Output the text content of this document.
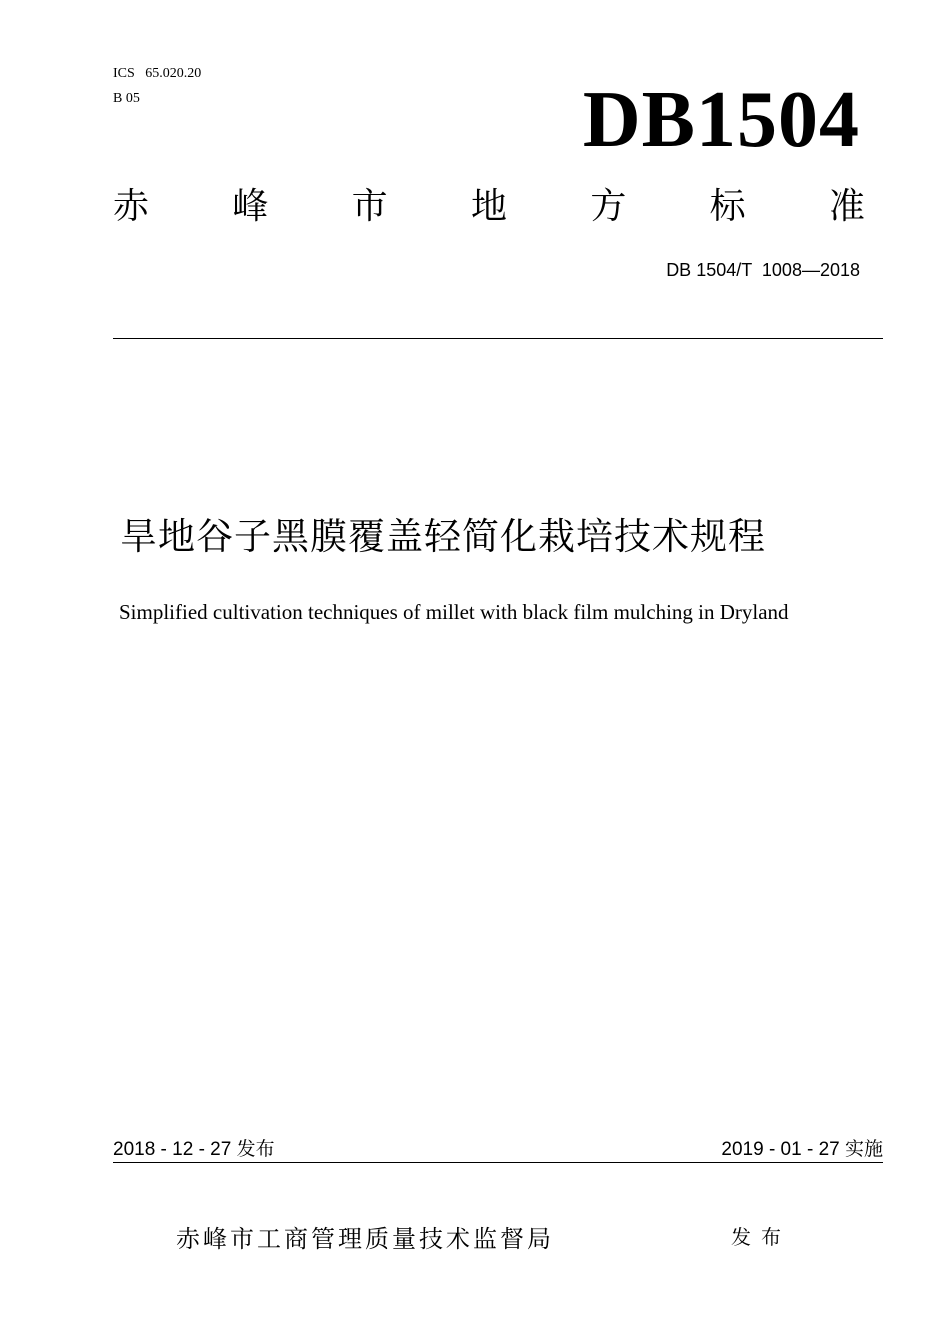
ICS   65.020.20
B 05	DB1504
赤 峰 市 地 方 标 准
DB 1504/T  1008—2018
旱地谷子黑膜覆盖轻简化栽培技术规程
Simplified cultivation techniques of millet with black film mulching in Dryland
2018 - 12 - 27 发布	2019 - 01 - 27 实施
赤峰市工商管理质量技术监督局	发布
